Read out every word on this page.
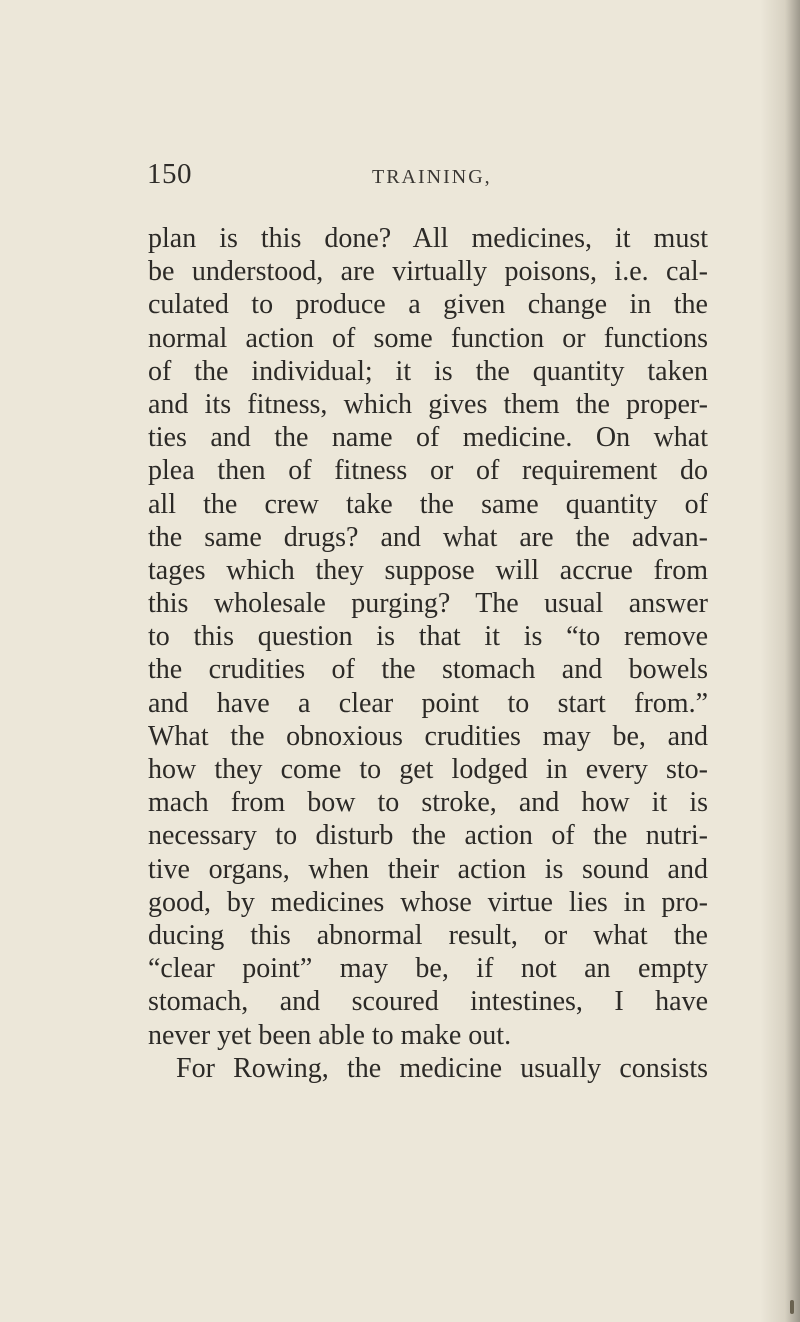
150	TRAINING,
plan is this done? All medicines, it must
be understood, are virtually poisons, i.e. cal-
culated to produce a given change in the
normal action of some function or functions
of the individual; it is the quantity taken
and its fitness, which gives them the proper-
ties and the name of medicine. On what
plea then of fitness or of requirement do
all the crew take the same quantity of
the same drugs? and what are the advan-
tages which they suppose will accrue from
this wholesale purging? The usual answer
to this question is that it is “to remove
the crudities of the stomach and bowels
and have a clear point to start from.”
What the obnoxious crudities may be, and
how they come to get lodged in every sto-
mach from bow to stroke, and how it is
necessary to disturb the action of the nutri-
tive organs, when their action is sound and
good, by medicines whose virtue lies in pro-
ducing this abnormal result, or what the
“clear point” may be, if not an empty
stomach, and scoured intestines, I have
never yet been able to make out.
For Rowing, the medicine usually consists
